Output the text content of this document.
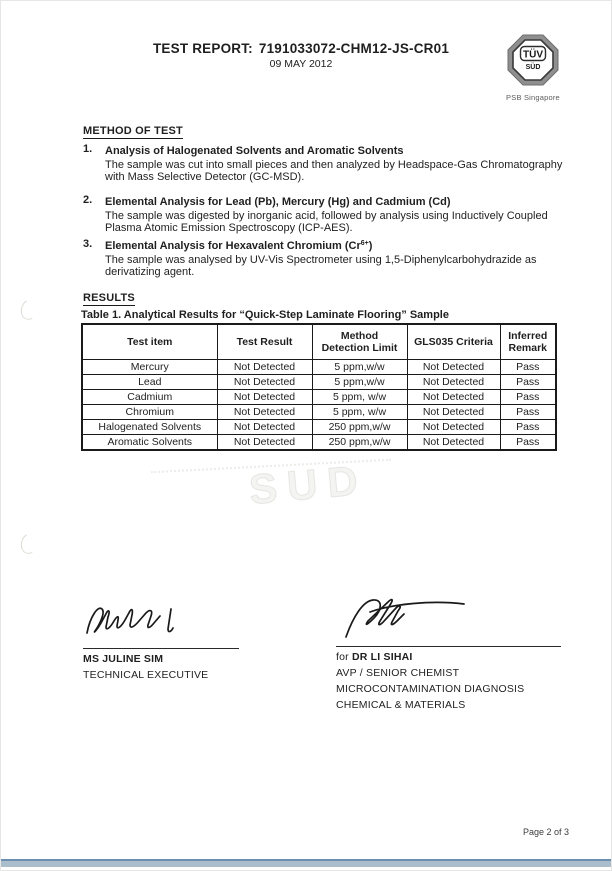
SUD
TEST REPORT: 7191033072-CHM12-JS-CR01
09 MAY 2012
TÜV
SÜD
PSB Singapore
METHOD OF TEST
1.	Analysis of Halogenated Solvents and Aromatic Solvents
The sample was cut into small pieces and then analyzed by Headspace-Gas Chromatography with Mass Selective Detector (GC-MSD).
2.	Elemental Analysis for Lead (Pb), Mercury (Hg) and Cadmium (Cd)
The sample was digested by inorganic acid, followed by analysis using Inductively Coupled Plasma Atomic Emission Spectroscopy (ICP-AES).
3.	Elemental Analysis for Hexavalent Chromium $(Cr^{6+})$
The sample was analysed by UV-Vis Spectrometer using 1,5-Diphenylcarbohydrazide as derivatizing agent.
RESULTS
Table 1. Analytical Results for “Quick-Step Laminate Flooring” Sample
Test item	Test Result	Method Detection Limit	GLS035 Criteria	Inferred Remark
Mercury	Not Detected	5 ppm,w/w	Not Detected	Pass
Lead	Not Detected	5 ppm,w/w	Not Detected	Pass
Cadmium	Not Detected	5 ppm, w/w	Not Detected	Pass
Chromium	Not Detected	5 ppm, w/w	Not Detected	Pass
Halogenated Solvents	Not Detected	250 ppm,w/w	Not Detected	Pass
Aromatic Solvents	Not Detected	250 ppm,w/w	Not Detected	Pass
MS JULINE SIM
TECHNICAL EXECUTIVE
for DR LI SIHAI
AVP / SENIOR CHEMIST
MICROCONTAMINATION DIAGNOSIS
CHEMICAL & MATERIALS
Page 2 of 3
